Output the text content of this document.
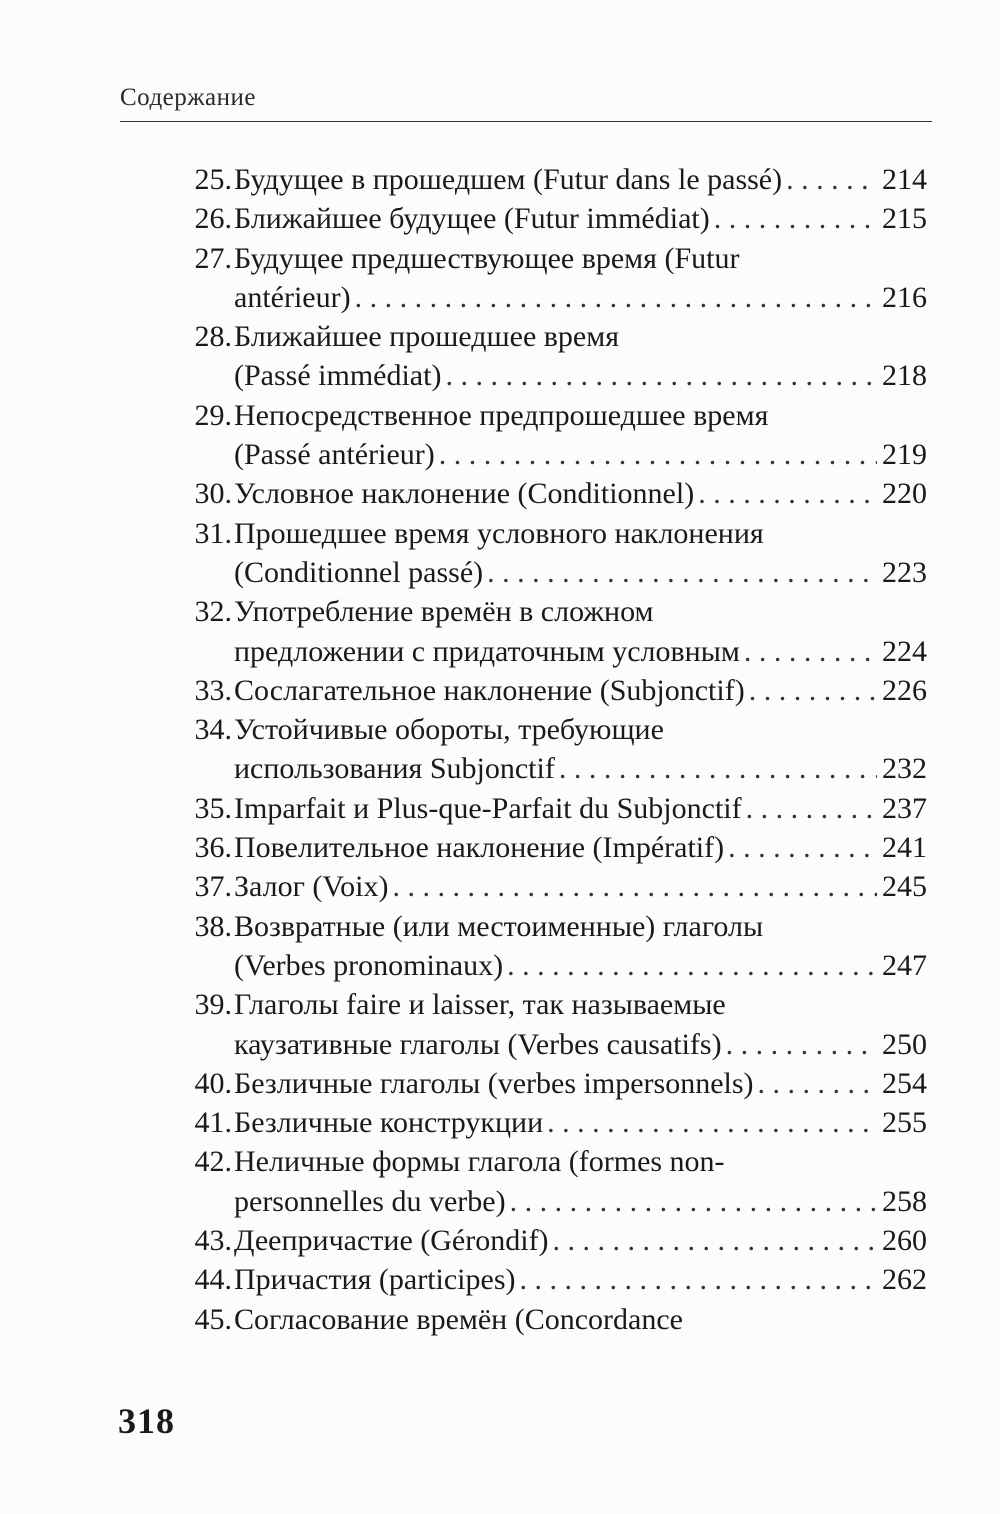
Содержание
25. Будущее в прошедшем (Futur dans le passé) . . .	214
26. Ближайшее будущее (Futur immédiat) . . .	215
27. Будущее предшествующее время (Futur
antérieur) . . .	216
28. Ближайшее прошедшее время
(Passé immédiat) . . .	218
29. Непосредственное предпрошедшее время
(Passé antérieur) . . .	219
30. Условное наклонение (Conditionnel) . . .	220
31. Прошедшее время условного наклонения
(Conditionnel passé) . . .	223
32. Употребление времён в сложном
предложении с придаточным условным . . .	224
33. Сослагательное наклонение (Subjonctif) . . .	226
34. Устойчивые обороты, требующие
использования Subjonctif . . .	232
35. Imparfait и Plus-que-Parfait du Subjonctif . . .	237
36. Повелительное наклонение (Impératif) . . .	241
37. Залог (Voix) . . .	245
38. Возвратные (или местоименные) глаголы
(Verbes pronominaux) . . .	247
39. Глаголы faire и laisser, так называемые
каузативные глаголы (Verbes causatifs) . . .	250
40. Безличные глаголы (verbes impersonnels) . . .	254
41. Безличные конструкции . . .	255
42. Неличные формы глагола (formes non-
personnelles du verbe) . . .	258
43. Деепричастие (Gérondif) . . .	260
44. Причастия (participes) . . .	262
45. Согласование времён (Concordance
318
